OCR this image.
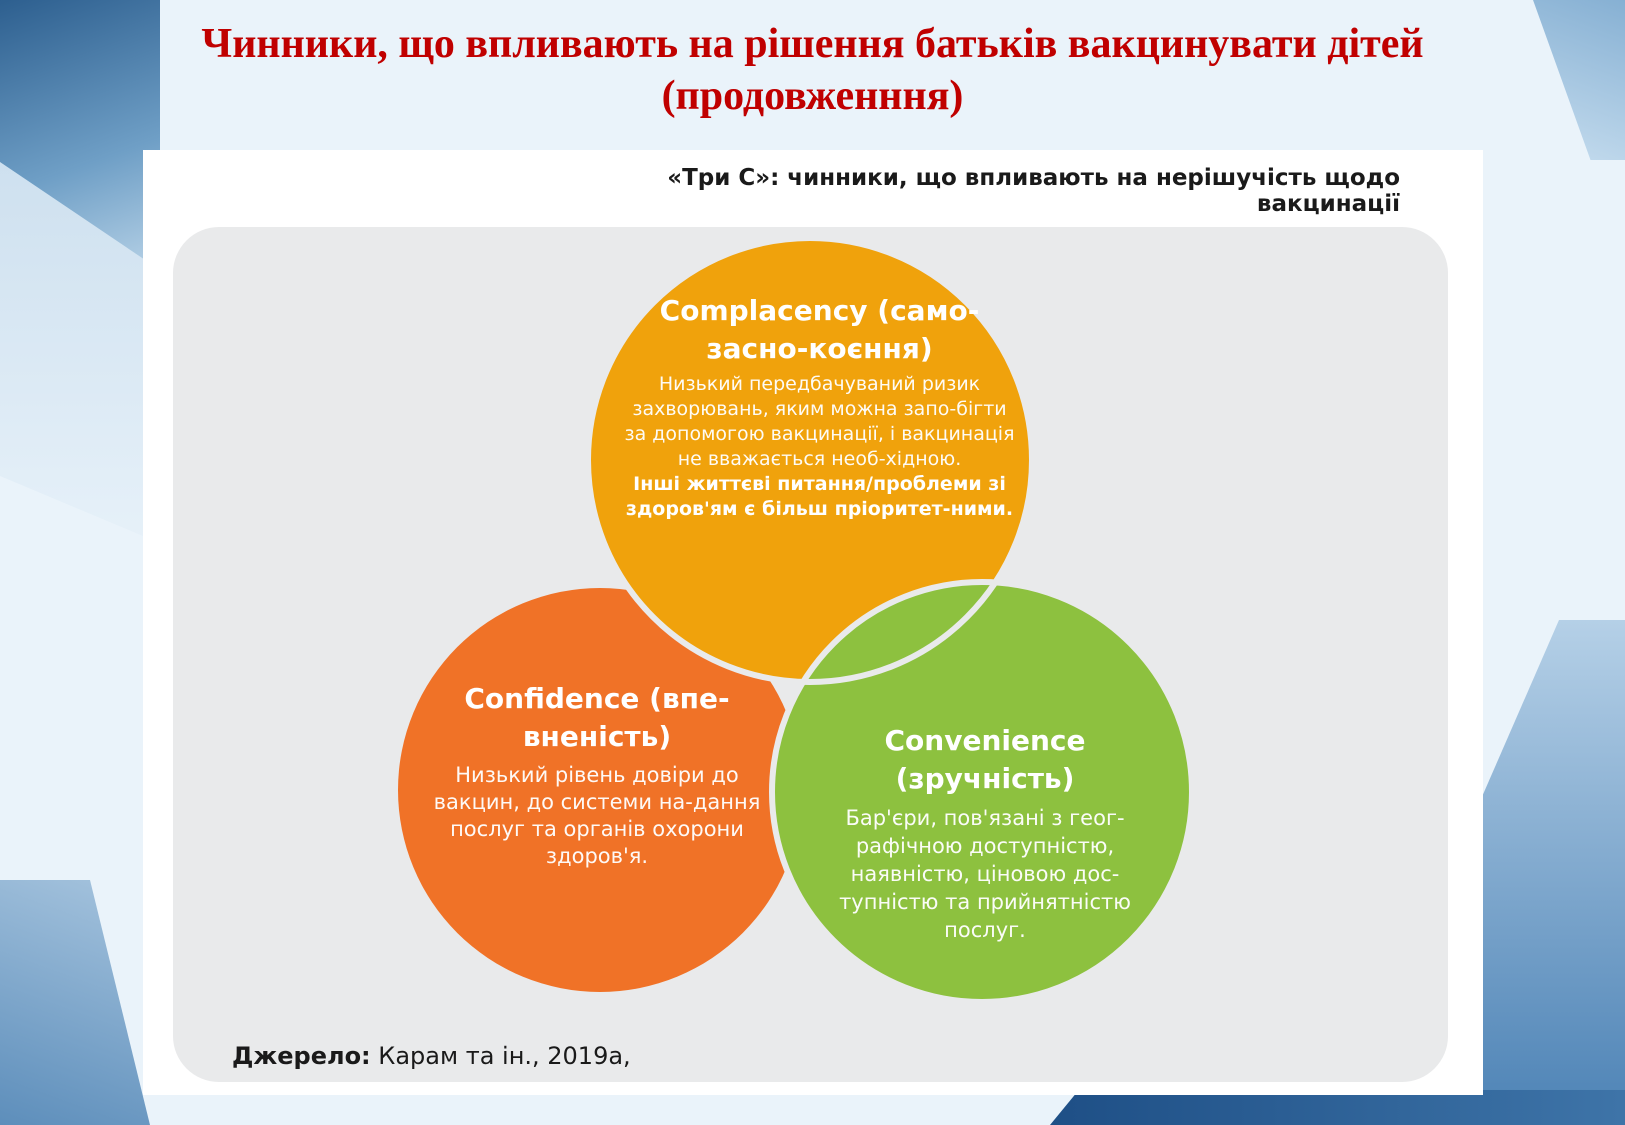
Чинники, що впливають на рішення батьків вакцинувати дітей (продовженння)
«Три С»: чинники, що впливають на нерішучість щодо вакцинації
Complacency (само-засно-коєння)
Низький передбачуваний ризик захворювань, яким можна запо-бігти за допомогою вакцинації, і вакцинація не вважається необ-хідною.
Інші життєві питання/проблеми зі здоров'ям є більш пріоритет-ними.
Confidence (впе-вненість)
Низький рівень довіри до вакцин, до системи на-дання послуг та органів охорони здоров'я.
Convenience (зручність)
Бар'єри, пов'язані з геог-рафічною доступністю, наявністю, ціновою дос-тупністю та прийнятністю послуг.
Джерело: Карам та ін., 2019а,
